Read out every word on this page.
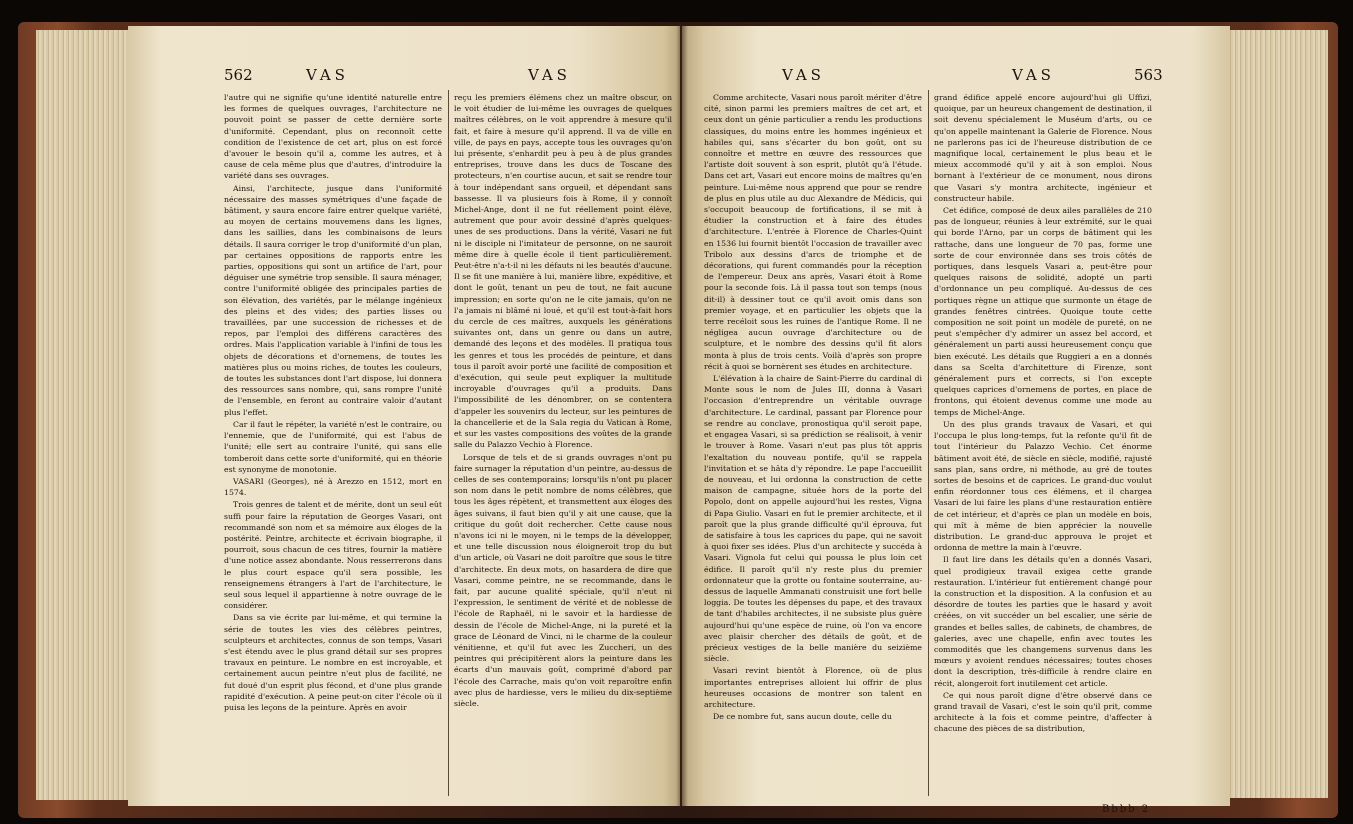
562	VAS	VAS

l'autre qui ne signifie qu'une identité naturelle entre les formes de quelques ouvrages, l'architecture ne pouvoit point se passer de cette dernière sorte d'uniformité. Cependant, plus on reconnoît cette condition de l'existence de cet art, plus on est forcé d'avouer le besoin qu'il a, comme les autres, et à cause de cela même plus que d'autres, d'introduire la variété dans ses ouvrages.

Ainsi, l'architecte, jusque dans l'uniformité nécessaire des masses symétriques d'une façade de bâtiment, y saura encore faire entrer quelque variété, au moyen de certains mouvemens dans les lignes, dans les saillies, dans les combinaisons de leurs détails. Il saura corriger le trop d'uniformité d'un plan, par certaines oppositions de rapports entre les parties, oppositions qui sont un artifice de l'art, pour déguiser une symétrie trop sensible. Il saura ménager, contre l'uniformité obligée des principales parties de son élévation, des variétés, par le mélange ingénieux des pleins et des vides; des parties lisses ou travaillées, par une succession de richesses et de repos, par l'emploi des différens caractères des ordres. Mais l'application variable à l'infini de tous les objets de décorations et d'ornemens, de toutes les matières plus ou moins riches, de toutes les couleurs, de toutes les substances dont l'art dispose, lui donnera des ressources sans nombre, qui, sans rompre l'unité de l'ensemble, en feront au contraire valoir d'autant plus l'effet.

Car il faut le répéter, la variété n'est le contraire, ou l'ennemie, que de l'uniformité, qui est l'abus de l'unité; elle sert au contraire l'unité, qui sans elle tomberoit dans cette sorte d'uniformité, qui en théorie est synonyme de monotonie.

VASARI (Georges), né à Arezzo en 1512, mort en 1574.

Trois genres de talent et de mérite, dont un seul eût suffi pour faire la réputation de Georges Vasari, ont recommandé son nom et sa mémoire aux éloges de la postérité. Peintre, architecte et écrivain biographe, il pourroit, sous chacun de ces titres, fournir la matière d'une notice assez abondante. Nous resserrerons dans le plus court espace qu'il sera possible, les renseignemens étrangers à l'art de l'architecture, le seul sous lequel il appartienne à notre ouvrage de le considérer.

Dans sa vie écrite par lui-même, et qui termine la série de toutes les vies des célèbres peintres, sculpteurs et architectes, connus de son temps, Vasari s'est étendu avec le plus grand détail sur ses propres travaux en peinture. Le nombre en est incroyable, et certainement aucun peintre n'eut plus de facilité, ne fut doué d'un esprit plus fécond, et d'une plus grande rapidité d'exécution. A peine peut-on citer l'école où il puisa les leçons de la peinture. Après en avoir

reçu les premiers élémens chez un maître obscur, on le voit étudier de lui-même les ouvrages de quelques maîtres célèbres, on le voit apprendre à mesure qu'il fait, et faire à mesure qu'il apprend. Il va de ville en ville, de pays en pays, accepte tous les ouvrages qu'on lui présente, s'enhardit peu à peu à de plus grandes entreprises, trouve dans les ducs de Toscane des protecteurs, n'en courtise aucun, et sait se rendre tour à tour indépendant sans orgueil, et dépendant sans bassesse. Il va plusieurs fois à Rome, il y connoît Michel-Ange, dont il ne fut réellement point élève, autrement que pour avoir dessiné d'après quelques-unes de ses productions. Dans la vérité, Vasari ne fut ni le disciple ni l'imitateur de personne, on ne sauroit même dire à quelle école il tient particulièrement. Peut-être n'a-t-il ni les défauts ni les beautés d'aucune. Il se fit une manière à lui, manière libre, expéditive, et dont le goût, tenant un peu de tout, ne fait aucune impression; en sorte qu'on ne le cite jamais, qu'on ne l'a jamais ni blâmé ni loué, et qu'il est tout-à-fait hors du cercle de ces maîtres, auxquels les générations suivantes ont, dans un genre ou dans un autre, demandé des leçons et des modèles. Il pratiqua tous les genres et tous les procédés de peinture, et dans tous il paroît avoir porté une facilité de composition et d'exécution, qui seule peut expliquer la multitude incroyable d'ouvrages qu'il a produits. Dans l'impossibilité de les dénombrer, on se contentera d'appeler les souvenirs du lecteur, sur les peintures de la chancellerie et de la Sala regia du Vatican à Rome, et sur les vastes compositions des voûtes de la grande salle du Palazzo Vechio à Florence.

Lorsque de tels et de si grands ouvrages n'ont pu faire surnager la réputation d'un peintre, au-dessus de celles de ses contemporains; lorsqu'ils n'ont pu placer son nom dans le petit nombre de noms célèbres, que tous les âges répètent, et transmettent aux éloges des âges suivans, il faut bien qu'il y ait une cause, que la critique du goût doit rechercher. Cette cause nous n'avons ici ni le moyen, ni le temps de la développer, et une telle discussion nous éloigneroit trop du but d'un article, où Vasari ne doit paroître que sous le titre d'architecte. En deux mots, on hasardera de dire que Vasari, comme peintre, ne se recommande, dans le fait, par aucune qualité spéciale, qu'il n'eut ni l'expression, le sentiment de vérité et de noblesse de l'école de Raphaël, ni le savoir et la hardiesse de dessin de l'école de Michel-Ange, ni la pureté et la grace de Léonard de Vinci, ni le charme de la couleur vénitienne, et qu'il fut avec les Zuccheri, un des peintres qui précipitèrent alors la peinture dans les écarts d'un mauvais goût, comprimé d'abord par l'école des Carrache, mais qu'on voit reparoître enfin avec plus de hardiesse, vers le milieu du dix-septième siècle.

VAS	VAS	563

Comme architecte, Vasari nous paroît mériter d'être cité, sinon parmi les premiers maîtres de cet art, et ceux dont un génie particulier a rendu les productions classiques, du moins entre les hommes ingénieux et habiles qui, sans s'écarter du bon goût, ont su connoître et mettre en œuvre des ressources que l'artiste doit souvent à son esprit, plutôt qu'à l'étude. Dans cet art, Vasari eut encore moins de maîtres qu'en peinture. Lui-même nous apprend que pour se rendre de plus en plus utile au duc Alexandre de Médicis, qui s'occupoit beaucoup de fortifications, il se mit à étudier la construction et à faire des études d'architecture. L'entrée à Florence de Charles-Quint en 1536 lui fournit bientôt l'occasion de travailler avec Tribolo aux dessins d'arcs de triomphe et de décorations, qui furent commandés pour la réception de l'empereur. Deux ans après, Vasari étoit à Rome pour la seconde fois. Là il passa tout son temps (nous dit-il) à dessiner tout ce qu'il avoit omis dans son premier voyage, et en particulier les objets que la terre recéloit sous les ruines de l'antique Rome. Il ne négligea aucun ouvrage d'architecture ou de sculpture, et le nombre des dessins qu'il fit alors monta à plus de trois cents. Voilà d'après son propre récit à quoi se bornèrent ses études en architecture.

L'élévation à la chaire de Saint-Pierre du cardinal di Monte sous le nom de Jules III, donna à Vasari l'occasion d'entreprendre un véritable ouvrage d'architecture. Le cardinal, passant par Florence pour se rendre au conclave, pronostiqua qu'il seroit pape, et engagea Vasari, si sa prédiction se réalisoit, à venir le trouver à Rome. Vasari n'eut pas plus tôt appris l'exaltation du nouveau pontife, qu'il se rappela l'invitation et se hâta d'y répondre. Le pape l'accueillit de nouveau, et lui ordonna la construction de cette maison de campagne, située hors de la porte del Popolo, dont on appelle aujourd'hui les restes, Vigna di Papa Giulio. Vasari en fut le premier architecte, et il paroît que la plus grande difficulté qu'il éprouva, fut de satisfaire à tous les caprices du pape, qui ne savoit à quoi fixer ses idées. Plus d'un architecte y succéda à Vasari. Vignola fut celui qui poussa le plus loin cet édifice. Il paroît qu'il n'y reste plus du premier ordonnateur que la grotte ou fontaine souterraine, au-dessus de laquelle Ammanati construisit une fort belle loggia. De toutes les dépenses du pape, et des travaux de tant d'habiles architectes, il ne subsiste plus guère aujourd'hui qu'une espèce de ruine, où l'on va encore avec plaisir chercher des détails de goût, et de précieux vestiges de la belle manière du seizième siècle.

Vasari revint bientôt à Florence, où de plus importantes entreprises alloient lui offrir de plus heureuses occasions de montrer son talent en architecture.

De ce nombre fut, sans aucun doute, celle du

grand édifice appelé encore aujourd'hui gli Uffizi, quoique, par un heureux changement de destination, il soit devenu spécialement le Muséum d'arts, ou ce qu'on appelle maintenant la Galerie de Florence. Nous ne parlerons pas ici de l'heureuse distribution de ce magnifique local, certainement le plus beau et le mieux accommodé qu'il y ait à son emploi. Nous bornant à l'extérieur de ce monument, nous dirons que Vasari s'y montra architecte, ingénieur et constructeur habile.

Cet édifice, composé de deux ailes parallèles de 210 pas de longueur, réunies à leur extrémité, sur le quai qui borde l'Arno, par un corps de bâtiment qui les rattache, dans une longueur de 70 pas, forme une sorte de cour environnée dans ses trois côtés de portiques, dans lesquels Vasari a, peut-être pour quelques raisons de solidité, adopté un parti d'ordonnance un peu compliqué. Au-dessus de ces portiques règne un attique que surmonte un étage de grandes fenêtres cintrées. Quoique toute cette composition ne soit point un modèle de pureté, on ne peut s'empêcher d'y admirer un assez bel accord, et généralement un parti aussi heureusement conçu que bien exécuté. Les détails que Ruggieri a en a donnés dans sa Scelta d'architetture di Firenze, sont généralement purs et corrects, si l'on excepte quelques caprices d'ornemens de portes, en place de frontons, qui étoient devenus comme une mode au temps de Michel-Ange.

Un des plus grands travaux de Vasari, et qui l'occupa le plus long-temps, fut la refonte qu'il fit de tout l'intérieur du Palazzo Vechio. Cet énorme bâtiment avoit été, de siècle en siècle, modifié, rajusté sans plan, sans ordre, ni méthode, au gré de toutes sortes de besoins et de caprices. Le grand-duc voulut enfin réordonner tous ces élémens, et il chargea Vasari de lui faire les plans d'une restauration entière de cet intérieur, et d'après ce plan un modèle en bois, qui mît à même de bien apprécier la nouvelle distribution. Le grand-duc approuva le projet et ordonna de mettre la main à l'œuvre.

Il faut lire dans les détails qu'en a donnés Vasari, quel prodigieux travail exigea cette grande restauration. L'intérieur fut entièrement changé pour la construction et la disposition. A la confusion et au désordre de toutes les parties que le hasard y avoit créées, on vit succéder un bel escalier, une série de grandes et belles salles, de cabinets, de chambres, de galeries, avec une chapelle, enfin avec toutes les commodités que les changemens survenus dans les mœurs y avoient rendues nécessaires; toutes choses dont la description, très-difficile à rendre claire en récit, alongeroit fort inutilement cet article.

Ce qui nous paroît digne d'être observé dans ce grand travail de Vasari, c'est le soin qu'il prit, comme architecte à la fois et comme peintre, d'affecter à chacune des pièces de sa distribution,

Bbbb 2
